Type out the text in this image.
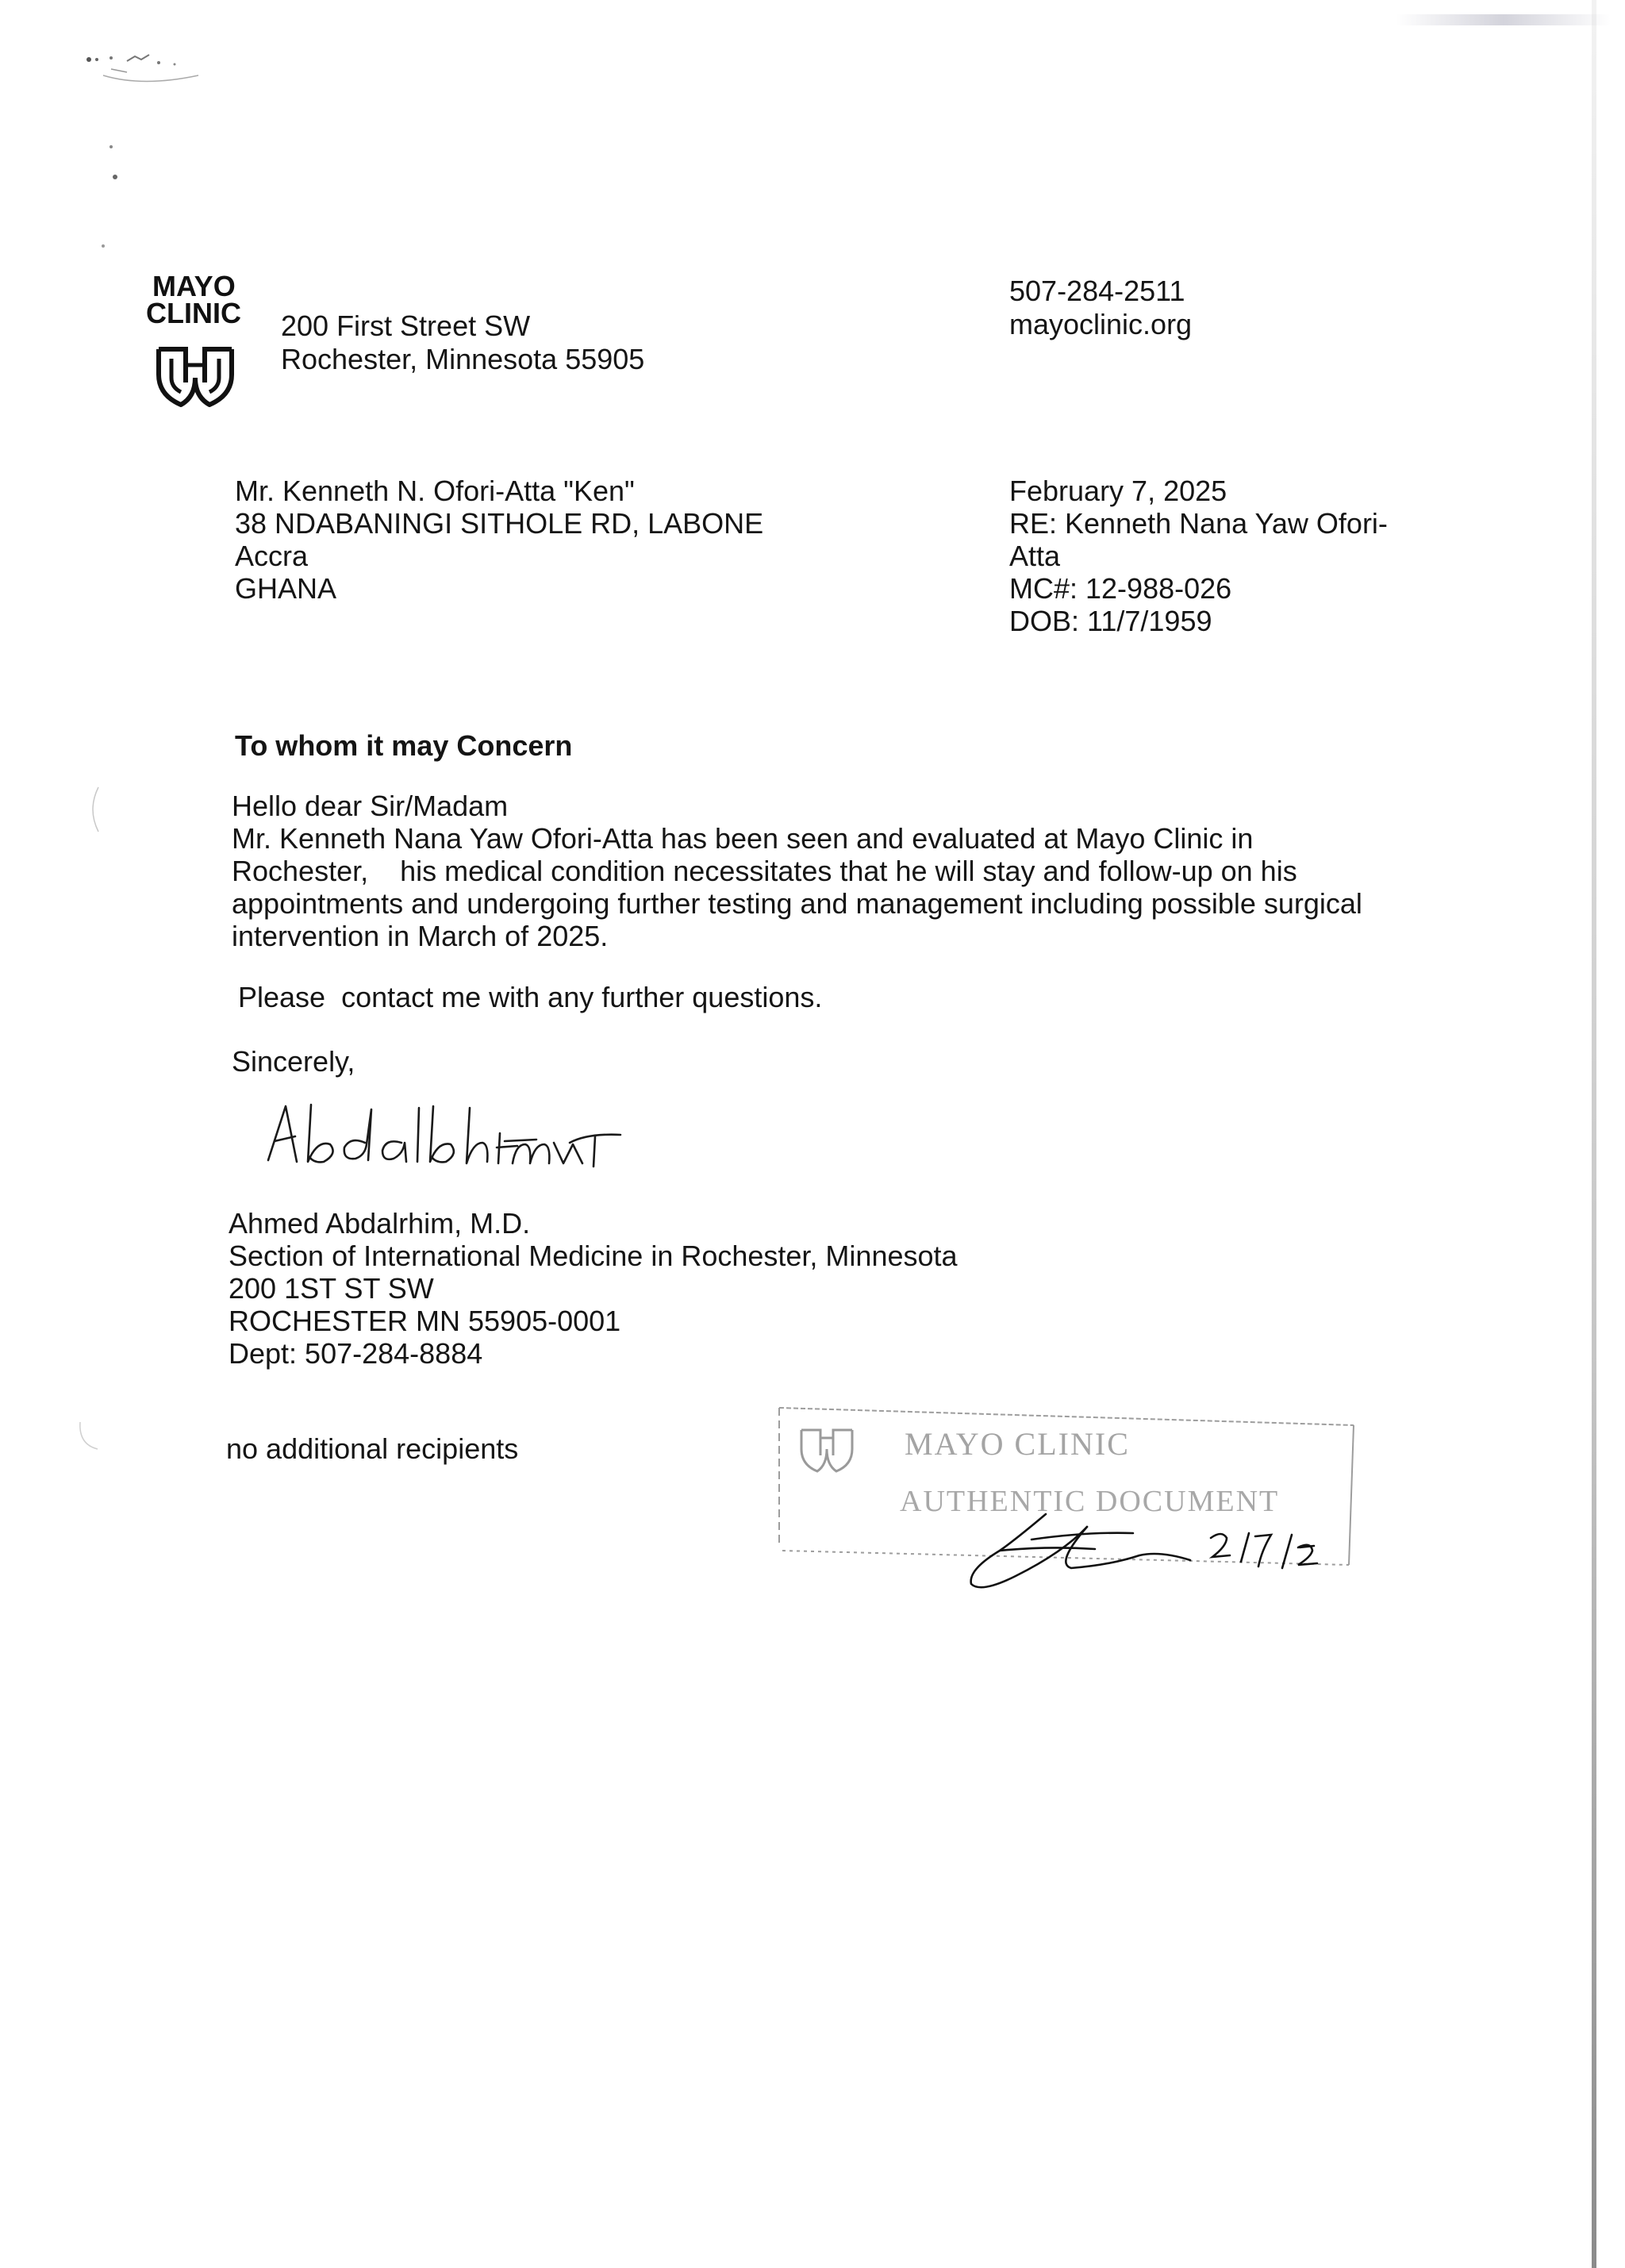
MAYO
CLINIC 200 First Street SW
Rochester, Minnesota 55905
507-284-2511
mayoclinic.org
Mr. Kenneth N. Ofori-Atta "Ken"
38 NDABANINGI SITHOLE RD, LABONE
Accra
GHANA
February 7, 2025
RE: Kenneth Nana Yaw Ofori-
Atta
MC#: 12-988-026
DOB: 11/7/1959
To whom it may Concern
Hello dear Sir/Madam
Mr. Kenneth Nana Yaw Ofori-Atta has been seen and evaluated at Mayo Clinic in
Rochester,    his medical condition necessitates that he will stay and follow-up on his
appointments and undergoing further testing and management including possible surgical
intervention in March of 2025.
Please  contact me with any further questions.
Sincerely,
Ahmed Abdalrhim, M.D.
Section of International Medicine in Rochester, Minnesota
200 1ST ST SW
ROCHESTER MN 55905-0001
Dept: 507-284-8884
no additional recipients	MAYO CLINIC
AUTHENTIC DOCUMENT
